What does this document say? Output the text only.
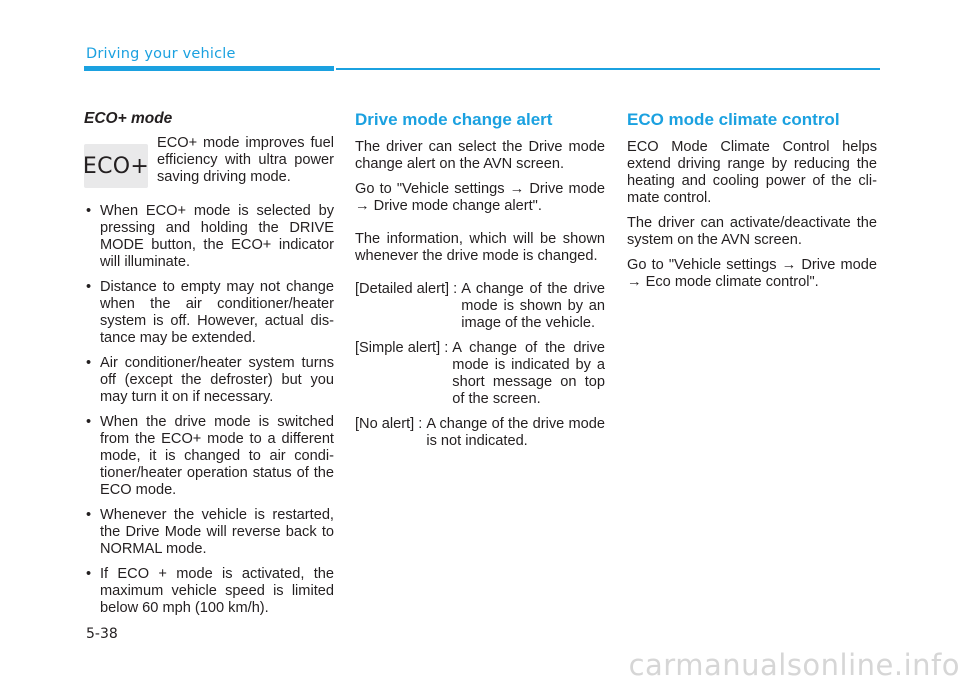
Driving your vehicle
ECO+ mode
ECO+
ECO+ mode improves fuel efficiency with ultra power saving driving mode.
• When ECO+ mode is selected by pressing and holding the DRIVE MODE button, the ECO+ indicator will illuminate.
• Distance to empty may not change when the air conditioner/heater system is off. However, actual dis-tance may be extended.
• Air conditioner/heater system turns off (except the defroster) but you may turn it on if necessary.
• When the drive mode is switched from the ECO+ mode to a different mode, it is changed to air condi-tioner/heater operation status of the ECO mode.
• Whenever the vehicle is restarted, the Drive Mode will reverse back to NORMAL mode.
• If ECO + mode is activated, the maximum vehicle speed is limited below 60 mph (100 km/h).
Drive mode change alert

The driver can select the Drive mode change alert on the AVN screen.

Go to "Vehicle settings → Drive mode → Drive mode change alert".

The information, which will be shown whenever the drive mode is changed.

[Detailed alert] : A change of the drive mode is shown by an image of the vehicle.
[Simple alert] : A change of the drive mode is indicated by a short message on top of the screen.
[No alert] : A change of the drive mode is not indicated.
ECO mode climate control

ECO Mode Climate Control helps extend driving range by reducing the heating and cooling power of the cli-mate control.

The driver can activate/deactivate the system on the AVN screen.

Go to "Vehicle settings → Drive mode → Eco mode climate control".

5-38
carmanualsonline.info
